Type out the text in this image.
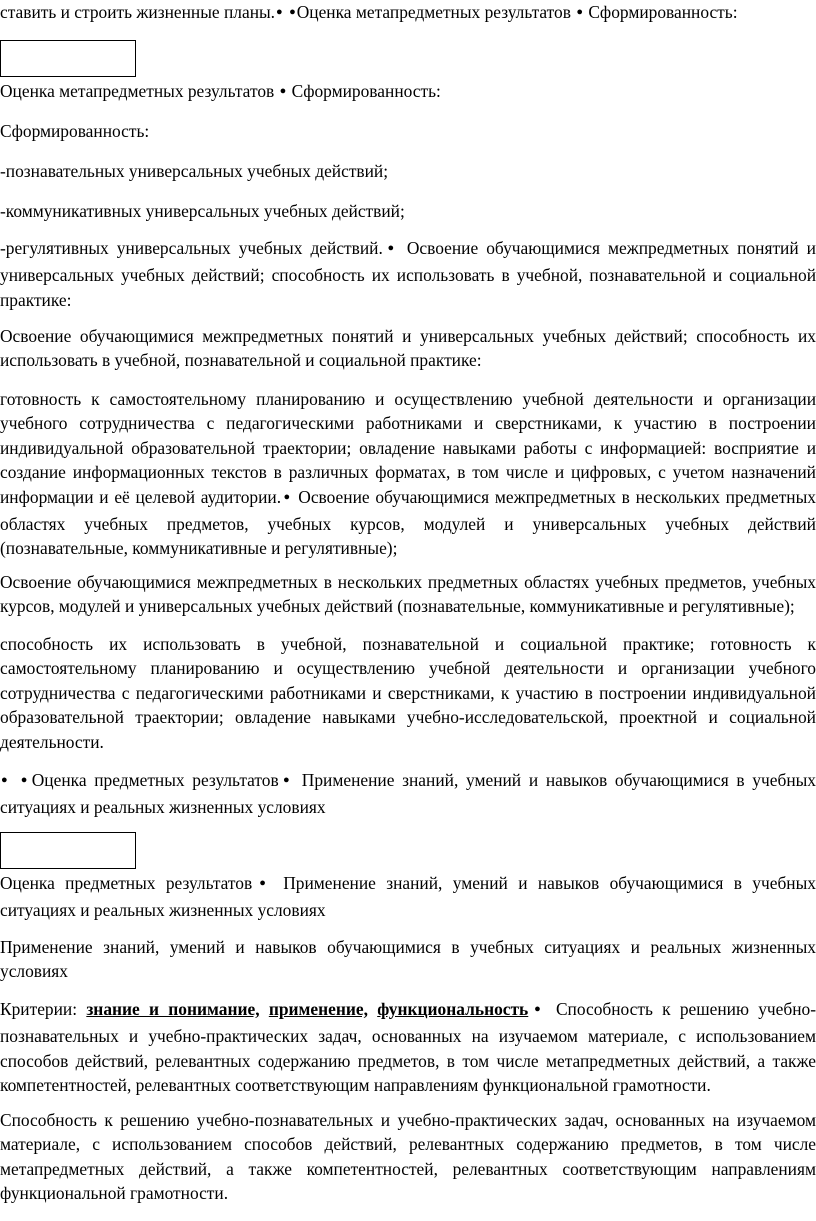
ставить и строить жизненные планы.● ●Оценка метапредметных результатов ● Сформированность:

Оценка метапредметных результатов ● Сформированность:

Сформированность:

-познавательных универсальных учебных действий;

-коммуникативных универсальных учебных действий;

-регулятивных универсальных учебных действий.● Освоение обучающимися межпредметных понятий и универсальных учебных действий; способность их использовать в учебной, познавательной и социальной практике:

Освоение обучающимися межпредметных понятий и универсальных учебных действий; способность их использовать в учебной, познавательной и социальной практике:

готовность к самостоятельному планированию и осуществлению учебной деятельности и организации учебного сотрудничества с педагогическими работниками и сверстниками, к участию в построении индивидуальной образовательной траектории; овладение навыками работы с информацией: восприятие и создание информационных текстов в различных форматах, в том числе и цифровых, с учетом назначений информации и её целевой аудитории.● Освоение обучающимися межпредметных в нескольких предметных областях учебных предметов, учебных курсов, модулей и универсальных учебных действий (познавательные, коммуникативные и регулятивные);

Освоение обучающимися межпредметных в нескольких предметных областях учебных предметов, учебных курсов, модулей и универсальных учебных действий (познавательные, коммуникативные и регулятивные);

способность их использовать в учебной, познавательной и социальной практике; готовность к самостоятельному планированию и осуществлению учебной деятельности и организации учебного сотрудничества с педагогическими работниками и сверстниками, к участию в построении индивидуальной образовательной траектории; овладение навыками учебно-исследовательской, проектной и социальной деятельности.

● ●Оценка предметных результатов● Применение знаний, умений и навыков обучающимися в учебных ситуациях и реальных жизненных условиях

Оценка предметных результатов● Применение знаний, умений и навыков обучающимися в учебных ситуациях и реальных жизненных условиях

Применение знаний, умений и навыков обучающимися в учебных ситуациях и реальных жизненных условиях

Критерии: знание и понимание, применение, функциональность● Способность к решению учебно-познавательных и учебно-практических задач, основанных на изучаемом материале, с использованием способов действий, релевантных содержанию предметов, в том числе метапредметных действий, а также компетентностей, релевантных соответствующим направлениям функциональной грамотности.

Способность к решению учебно-познавательных и учебно-практических задач, основанных на изучаемом материале, с использованием способов действий, релевантных содержанию предметов, в том числе метапредметных действий, а также компетентностей, релевантных соответствующим направлениям функциональной грамотности.
